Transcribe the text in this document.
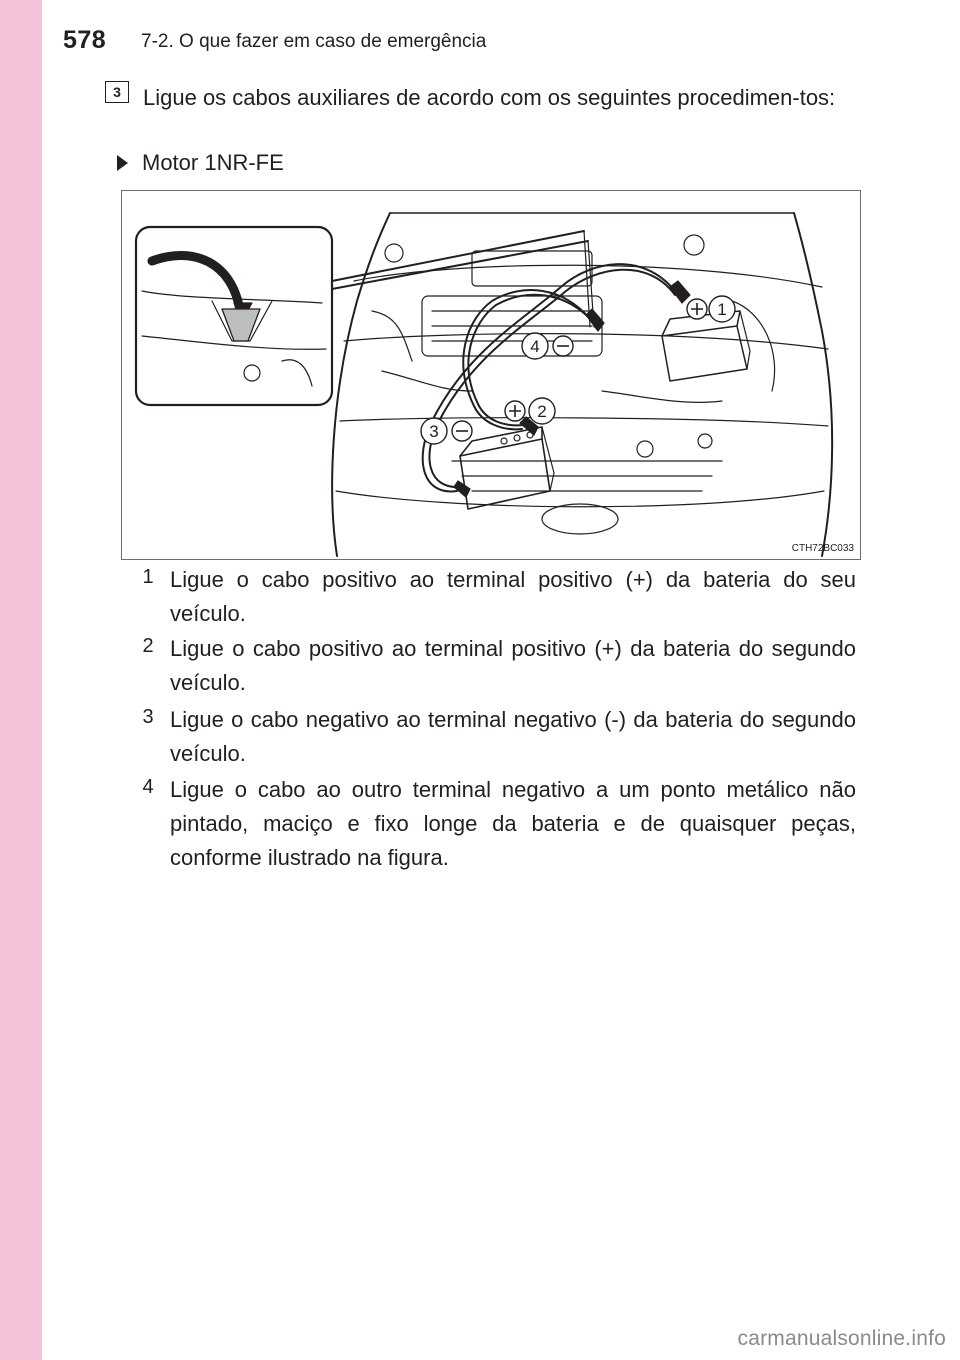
578 7-2. O que fazer em caso de emergência
3	Ligue os cabos auxiliares de acordo com os seguintes procedimen-tos:
Motor 1NR-FE
1
2
3
4
CTH72BC033
1 Ligue o cabo positivo ao terminal positivo (+) da bateria do seu veículo.
2 Ligue o cabo positivo ao terminal positivo (+) da bateria do segundo veículo.
3 Ligue o cabo negativo ao terminal negativo (-) da bateria do segundo veículo.
4 Ligue o cabo ao outro terminal negativo a um ponto metálico não pintado, maciço e fixo longe da bateria e de quaisquer peças, conforme ilustrado na figura.
carmanualsonline.info
